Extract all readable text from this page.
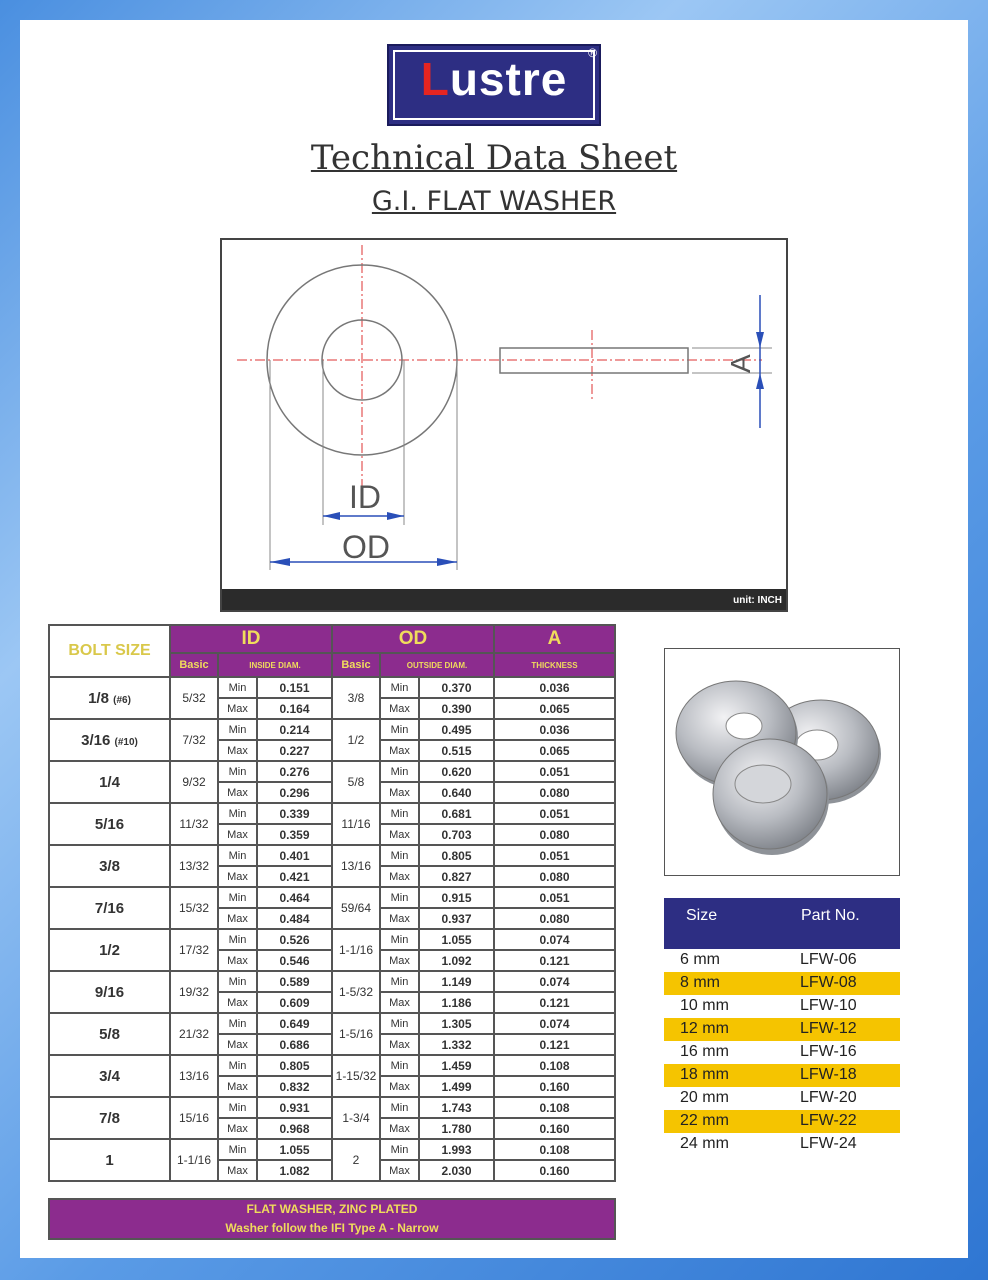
Lustre	®
Technical Data Sheet
G.I. FLAT WASHER
ID
OD
A
unit: INCH
BOLT SIZE	ID			OD			A
	Basic	INSIDE DIAM.		Basic	OUTSIDE DIAM.		THICKNESS
1/8 (#6)	5/32	Min	0.151	3/8	Min	0.370	0.036
		Max	0.164		Max	0.390	0.065
3/16 (#10)	7/32	Min	0.214	1/2	Min	0.495	0.036
		Max	0.227		Max	0.515	0.065
1/4	9/32	Min	0.276	5/8	Min	0.620	0.051
		Max	0.296		Max	0.640	0.080
5/16	11/32	Min	0.339	11/16	Min	0.681	0.051
		Max	0.359		Max	0.703	0.080
3/8	13/32	Min	0.401	13/16	Min	0.805	0.051
		Max	0.421		Max	0.827	0.080
7/16	15/32	Min	0.464	59/64	Min	0.915	0.051
		Max	0.484		Max	0.937	0.080
1/2	17/32	Min	0.526	1-1/16	Min	1.055	0.074
		Max	0.546		Max	1.092	0.121
9/16	19/32	Min	0.589	1-5/32	Min	1.149	0.074
		Max	0.609		Max	1.186	0.121
5/8	21/32	Min	0.649	1-5/16	Min	1.305	0.074
		Max	0.686		Max	1.332	0.121
3/4	13/16	Min	0.805	1-15/32	Min	1.459	0.108
		Max	0.832		Max	1.499	0.160
7/8	15/16	Min	0.931	1-3/4	Min	1.743	0.108
		Max	0.968		Max	1.780	0.160
1	1-1/16	Min	1.055	2	Min	1.993	0.108
		Max	1.082		Max	2.030	0.160
FLAT WASHER, ZINC PLATED
Washer follow the IFI Type A - Narrow
Size	Part No.
6 mm	LFW-06
8 mm	LFW-08
10 mm	LFW-10
12 mm	LFW-12
16 mm	LFW-16
18 mm	LFW-18
20 mm	LFW-20
22 mm	LFW-22
24 mm	LFW-24
